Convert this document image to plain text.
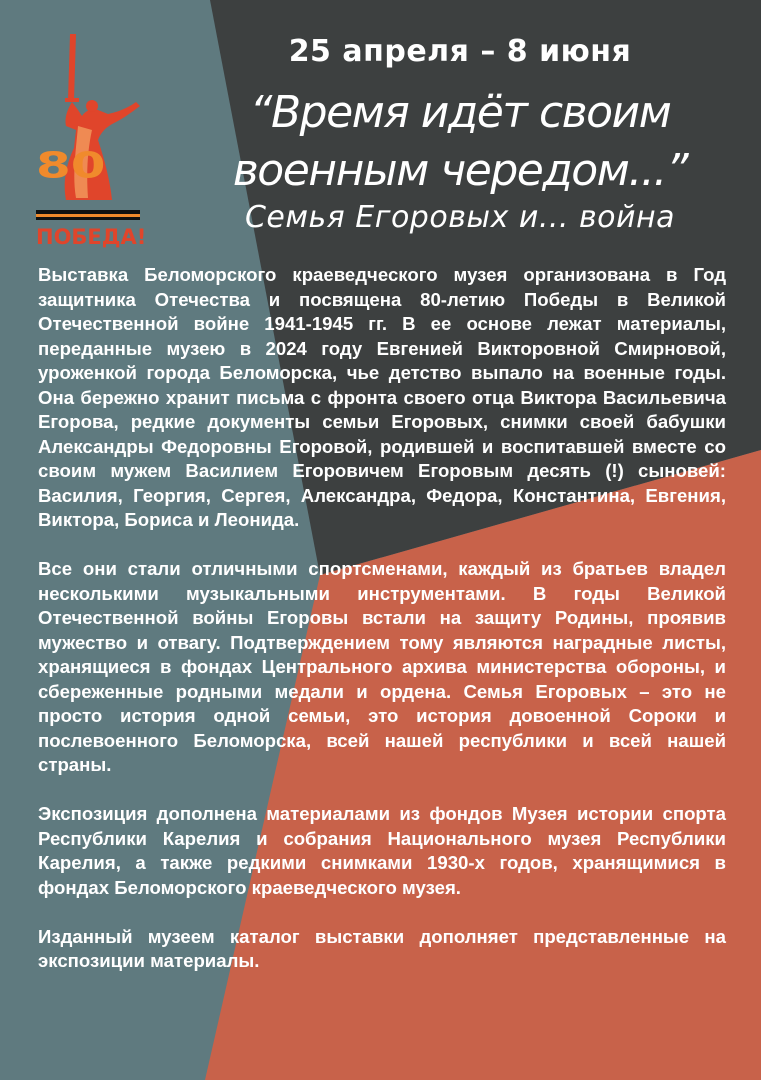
80
ПОБЕДА!
25 апреля – 8 июня
“Время идёт своим
военным чередом...”
Семья Егоровых и... война

Выставка Беломорского краеведческого музея организована в Год защитника Отечества и посвящена 80-летию Победы в Великой Отечественной войне 1941-1945 гг. В ее основе лежат материалы, переданные музею в 2024 году Евгенией Викторовной Смирновой, уроженкой города Беломорска, чье детство выпало на военные годы. Она бережно хранит письма с фронта своего отца Виктора Васильевича Егорова, редкие документы семьи Егоровых, снимки своей бабушки Александры Федоровны Егоровой, родившей и воспитавшей вместе со своим мужем Василием Егоровичем Егоровым десять (!) сыновей: Василия, Георгия, Сергея, Александра, Федора, Константина, Евгения, Виктора, Бориса и Леонида.

Все они стали отличными спортсменами, каждый из братьев владел несколькими музыкальными инструментами. В годы Великой Отечественной войны Егоровы встали на защиту Родины, проявив мужество и отвагу. Подтверждением тому являются наградные листы, хранящиеся в фондах Центрального архива министерства обороны, и сбереженные родными медали и ордена. Семья Егоровых – это не просто история одной семьи, это история довоенной Сороки и послевоенного Беломорска, всей нашей республики и всей нашей страны.

Экспозиция дополнена материалами из фондов Музея истории спорта Республики Карелия и собрания Национального музея Республики Карелия, а также редкими снимками 1930-х годов, хранящимися в фондах Беломорского краеведческого музея.

Изданный музеем каталог выставки дополняет представленные на экспозиции материалы.
